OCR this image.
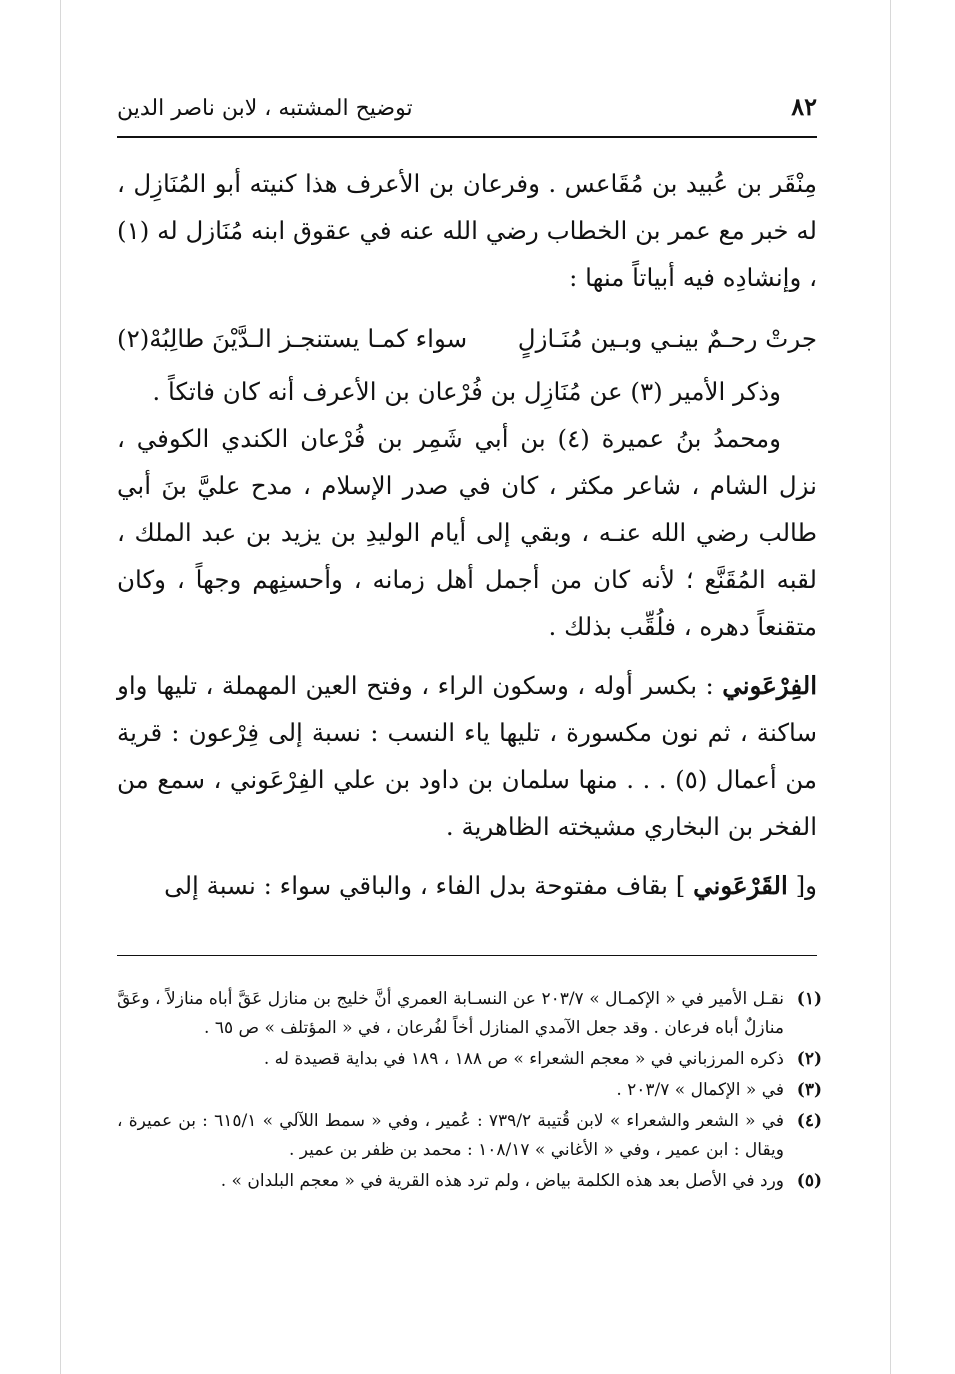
٨٢
توضيح المشتبه ، لابن ناصر الدين

مِنْقَر بن عُبيد بن مُقَاعس . وفرعان بن الأعرف هذا كنيته أبو المُنَازِل ، له خبر مع عمر بن الخطاب رضي الله عنه في عقوق ابنه مُنَازل له (١) ، وإنشادِه فيه أبياتاً منها :

جرتْ رحـمٌ بينـي وبـين مُنَـازلٍ
سواء كمـا يستنجـز الـدَّيْنَ طالِبُهْ(٢)

وذكر الأمير (٣) عن مُنَازِل بن فُرْعان بن الأعرف أنه كان فاتكاً .

ومحمدُ بنُ عميرة (٤) بن أبي شَمِر بن فُرْعان الكندي الكوفي ، نزل الشام ، شاعر مكثر ، كان في صدر الإسلام ، مدح عليَّ بنَ أبي طالب رضي الله عنـه ، وبقي إلى أيام الوليدِ بن يزيد بن عبد الملك ، لقبه المُقَنَّع ؛ لأنه كان من أجمل أهل زمانه ، وأحسنِهم وجهاً ، وكان متقنعاً دهره ، فلُقِّب بذلك .

الفِرْعَوني : بكسر أوله ، وسكون الراء ، وفتح العين المهملة ، تليها واو ساكنة ، ثم نون مكسورة ، تليها ياء النسب : نسبة إلى فِرْعون : قرية من أعمال (٥) . . . منها سلمان بن داود بن علي الفِرْعَوني ، سمع من الفخر بن البخاري مشيخته الظاهرية .

و[ القَرْعَوني ] بقاف مفتوحة بدل الفاء ، والباقي سواء : نسبة إلى

(١)
نقـل الأمير في « الإكمـال » ٢٠٣/٧ عن النسـابة العمري أنَّ خليج بن منازل عَقَّ أباه منازلاً ، وعَقَّ منازلٌ أباه فرعان . وقد جعل الآمدي المنازل أخاً لفُرعان ، في « المؤتلف » ص ٦٥ .
(٢)
ذكره المرزباني في « معجم الشعراء » ص ١٨٨ ، ١٨٩ في بداية قصيدة له .
(٣)
في « الإكمال » ٢٠٣/٧ .
(٤)
في « الشعر والشعراء » لابن قُتيبة ٧٣٩/٢ : عُمير ، وفي « سمط اللآلي » ٦١٥/١ : بن عميرة ، ويقال : ابن عمير ، وفي « الأغاني » ١٠٨/١٧ : محمد بن ظفر بن عمير .
(٥)
ورد في الأصل بعد هذه الكلمة بياض ، ولم ترد هذه القرية في « معجم البلدان » .
